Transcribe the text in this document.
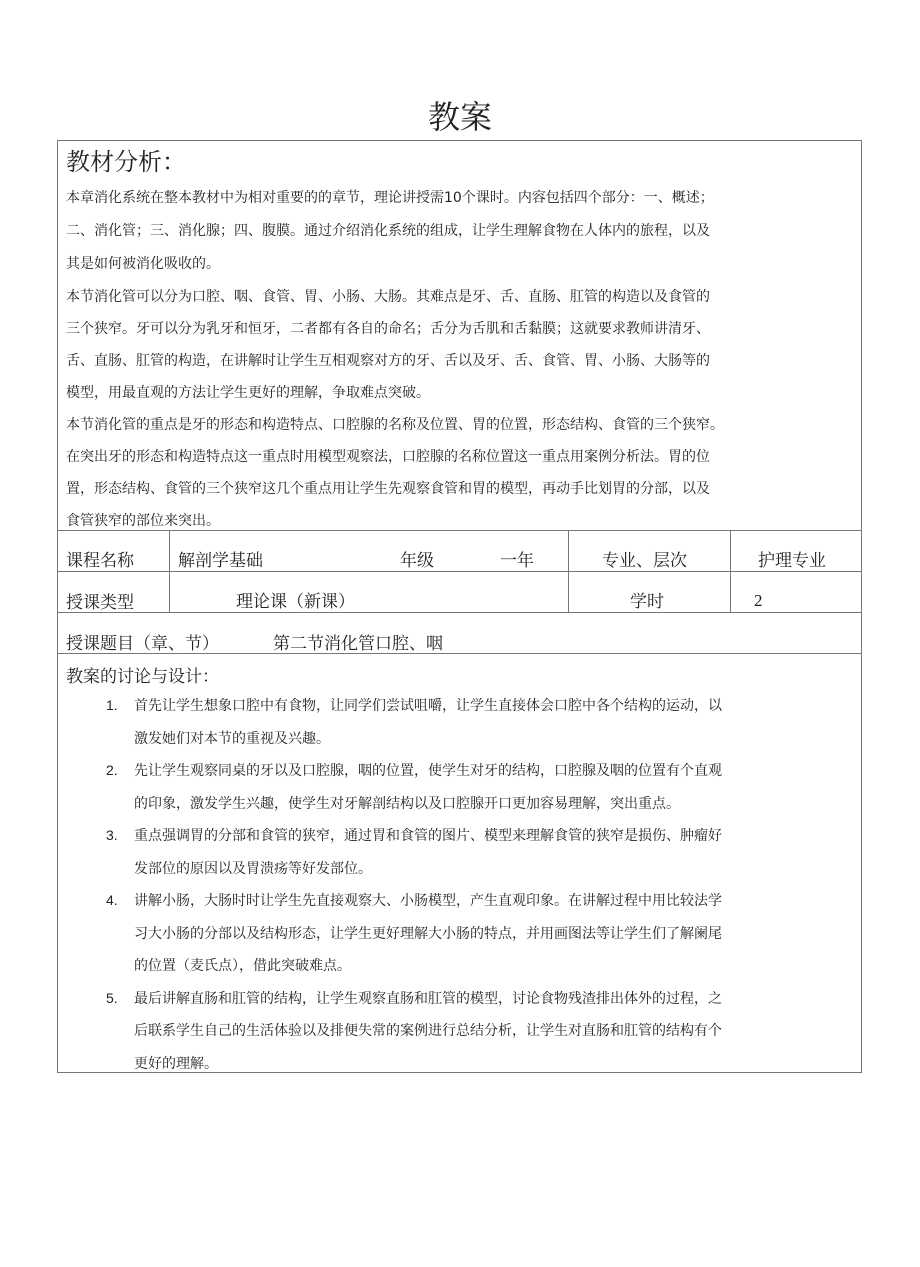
教案
教材分析：
本章消化系统在整本教材中为相对重要的的章节，理论讲授需10个课时。内容包括四个部分：一、概述；
二、消化管；三、消化腺；四、腹膜。通过介绍消化系统的组成，让学生理解食物在人体内的旅程，以及
其是如何被消化吸收的。
本节消化管可以分为口腔、咽、食管、胃、小肠、大肠。其难点是牙、舌、直肠、肛管的构造以及食管的
三个狭窄。牙可以分为乳牙和恒牙，二者都有各自的命名；舌分为舌肌和舌黏膜；这就要求教师讲清牙、
舌、直肠、肛管的构造，在讲解时让学生互相观察对方的牙、舌以及牙、舌、食管、胃、小肠、大肠等的
模型，用最直观的方法让学生更好的理解，争取难点突破。
本节消化管的重点是牙的形态和构造特点、口腔腺的名称及位置、胃的位置，形态结构、食管的三个狭窄。
在突出牙的形态和构造特点这一重点时用模型观察法，口腔腺的名称位置这一重点用案例分析法。胃的位
置，形态结构、食管的三个狭窄这几个重点用让学生先观察食管和胃的模型，再动手比划胃的分部，以及
食管狭窄的部位来突出。
课程名称	解剖学基础	年级	一年	专业、层次	护理专业
授课类型	理论课（新课）	学时	2
授课题目（章、节）	第二节消化管口腔、咽
教案的讨论与设计：
1. 首先让学生想象口腔中有食物，让同学们尝试咀嚼，让学生直接体会口腔中各个结构的运动，以
激发她们对本节的重视及兴趣。
2. 先让学生观察同桌的牙以及口腔腺，咽的位置，使学生对牙的结构，口腔腺及咽的位置有个直观
的印象，激发学生兴趣，使学生对牙解剖结构以及口腔腺开口更加容易理解，突出重点。
3. 重点强调胃的分部和食管的狭窄，通过胃和食管的图片、模型来理解食管的狭窄是损伤、肿瘤好
发部位的原因以及胃溃疡等好发部位。
4. 讲解小肠，大肠时时让学生先直接观察大、小肠模型，产生直观印象。在讲解过程中用比较法学
习大小肠的分部以及结构形态，让学生更好理解大小肠的特点，并用画图法等让学生们了解阑尾
的位置（麦氏点），借此突破难点。
5. 最后讲解直肠和肛管的结构，让学生观察直肠和肛管的模型，讨论食物残渣排出体外的过程，之
后联系学生自己的生活体验以及排便失常的案例进行总结分析，让学生对直肠和肛管的结构有个
更好的理解。
